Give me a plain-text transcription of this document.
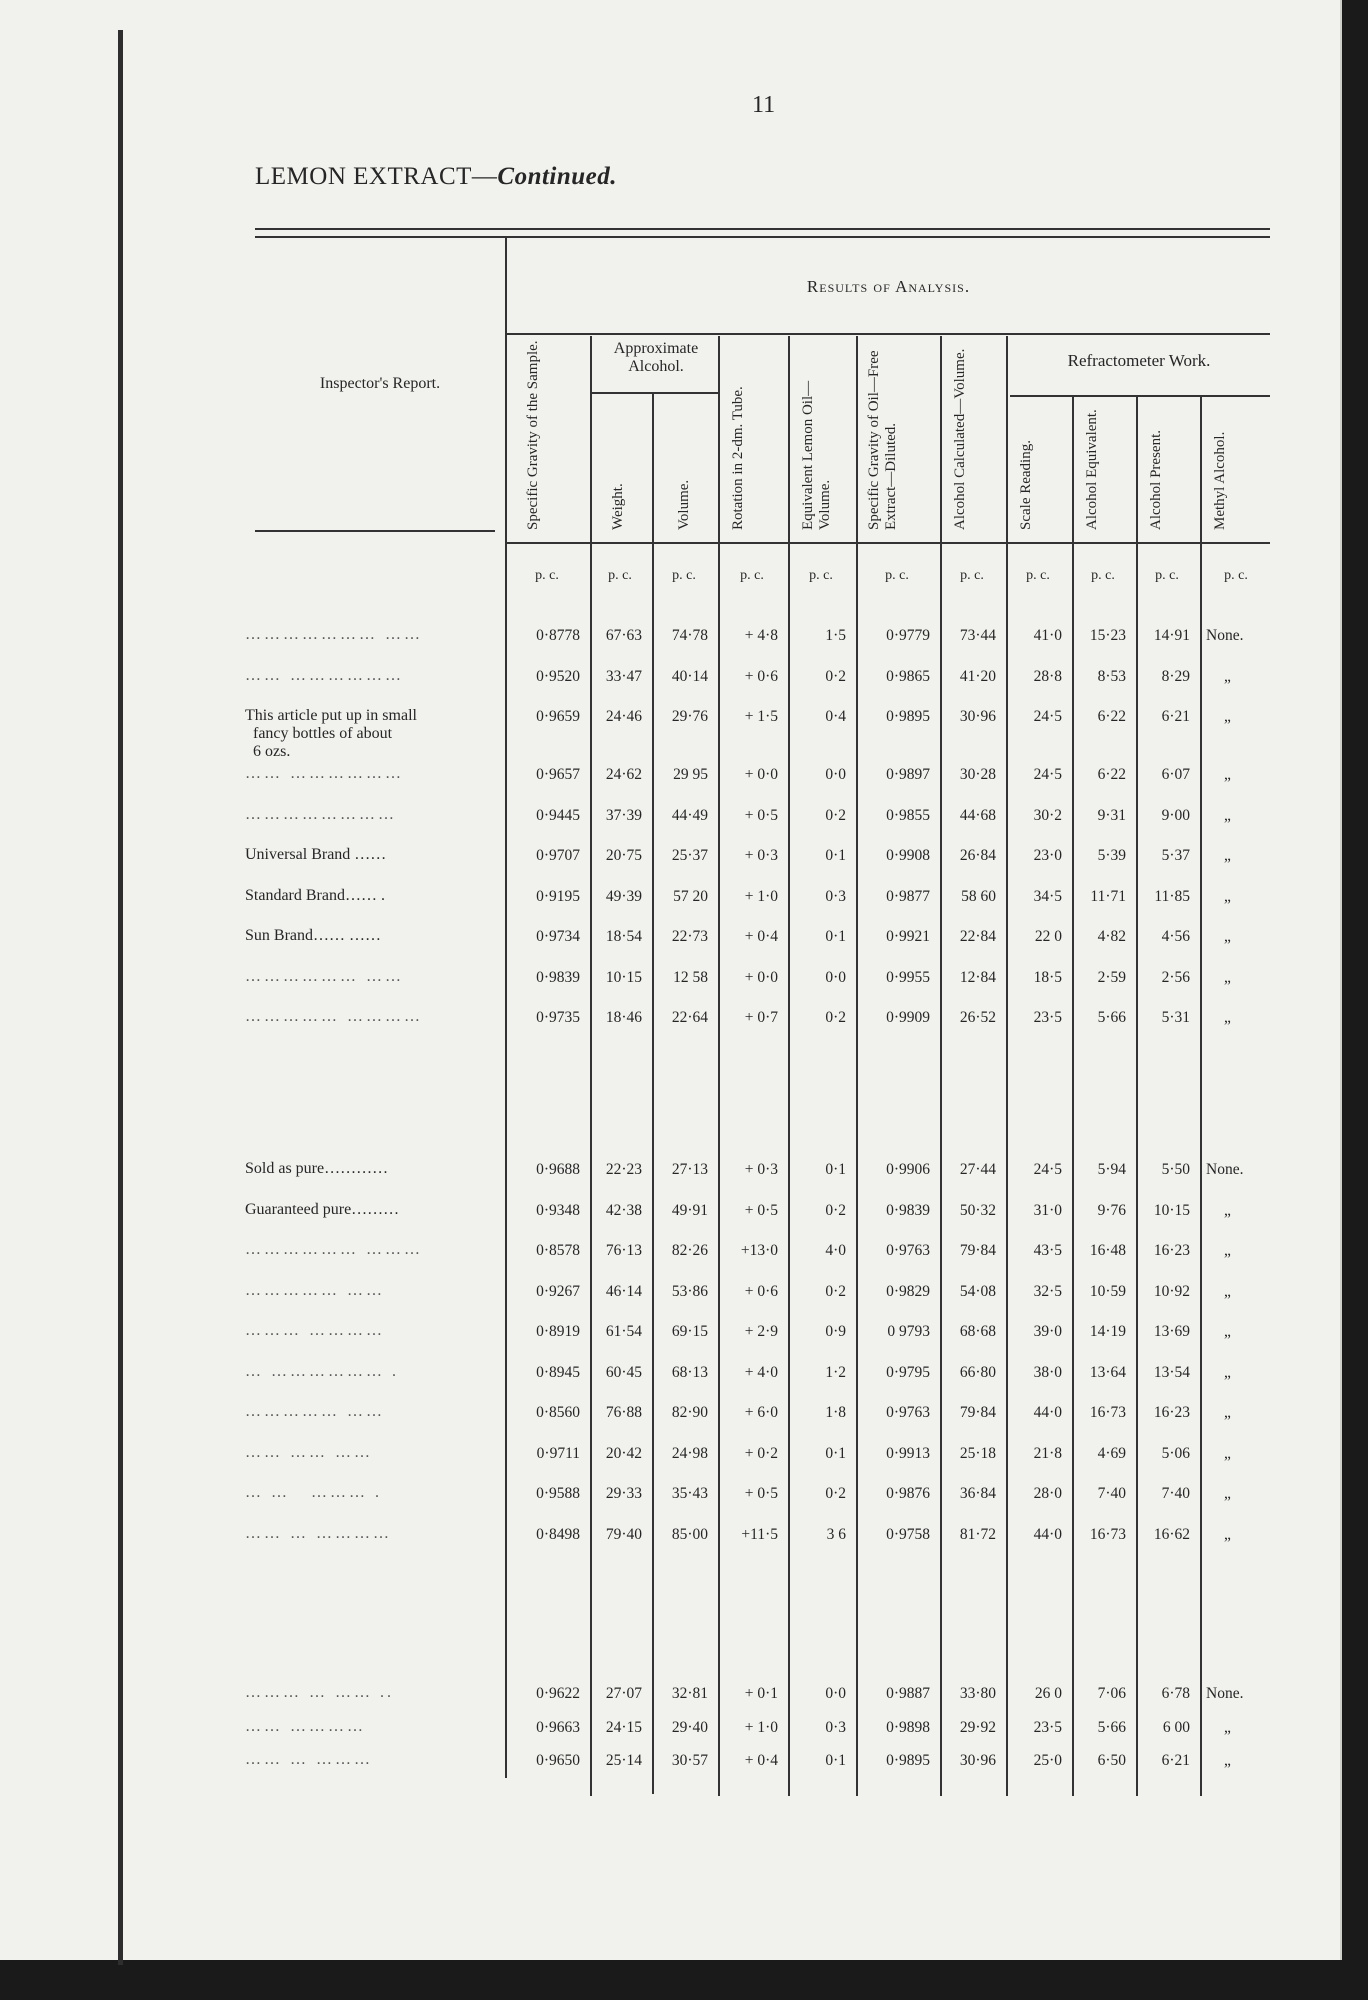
11
LEMON EXTRACT—Continued.
Inspector's Report.
Results of Analysis.
Approximate Alcohol.	Refractometer Work.
Specific Gravity of the Sample.	Weight.	Volume.	Rotation in 2-dm. Tube.	Equivalent Lemon Oil—Volume.	Specific Gravity of Oil—Free Extract—Diluted.	Alcohol Calculated—Volume.	Scale Reading.	Alcohol Equivalent.	Alcohol Present.	Methyl Alcohol.
p. c.	p. c.	p. c.	p. c.	p. c.	p. c.	p. c.	p. c.	p. c.	p. c.	p. c.
………………… ……	0·8778	67·63	74·78	+ 4·8	1·5	0·9779	73·44	41·0	15·23	14·91 None.
…… ………………	0·9520	33·47	40·14	+ 0·6	0·2	0·9865	41·20	28·8	8·53	8·29	„
This article put up in small
fancy bottles of about
6 ozs.
0·9659	24·46	29·76	+ 1·5	0·4	0·9895	30·96	24·5	6·22	6·21	„
…… ………………	0·9657	24·62	29 95	+ 0·0	0·0	0·9897	30·28	24·5	6·22	6·07	„
……………………	0·9445	37·39	44·49	+ 0·5	0·2	0·9855	44·68	30·2	9·31	9·00	„
Universal Brand ……	0·9707	20·75	25·37	+ 0·3	0·1	0·9908	26·84	23·0	5·39	5·37	„
Standard Brand…… .	0·9195	49·39	57 20	+ 1·0	0·3	0·9877	58 60	34·5	11·71	11·85	„
Sun Brand…… ……	0·9734	18·54	22·73	+ 0·4	0·1	0·9921	22·84	22 0	4·82	4·56	„
……………… ……	0·9839	10·15	12 58	+ 0·0	0·0	0·9955	12·84	18·5	2·59	2·56	„
…………… …………	0·9735	18·46	22·64	+ 0·7	0·2	0·9909	26·52	23·5	5·66	5·31	„
Sold as pure…………	0·9688	22·23	27·13	+ 0·3	0·1	0·9906	27·44	24·5	5·94	5·50 None.
Guaranteed pure………	0·9348	42·38	49·91	+ 0·5	0·2	0·9839	50·32	31·0	9·76	10·15	„
……………… ………	0·8578	76·13	82·26	+13·0	4·0	0·9763	79·84	43·5	16·48	16·23	„
…………… ……	0·9267	46·14	53·86	+ 0·6	0·2	0·9829	54·08	32·5	10·59	10·92	„
……… …………	0·8919	61·54	69·15	+ 2·9	0·9	0 9793	68·68	39·0	14·19	13·69	„
… ……………… .	0·8945	60·45	68·13	+ 4·0	1·2	0·9795	66·80	38·0	13·64	13·54	„
…………… ……	0·8560	76·88	82·90	+ 6·0	1·8	0·9763	79·84	44·0	16·73	16·23	„
…… …… ……	0·9711	20·42	24·98	+ 0·2	0·1	0·9913	25·18	21·8	4·69	5·06	„
… …   ……… .	0·9588	29·33	35·43	+ 0·5	0·2	0·9876	36·84	28·0	7·40	7·40	„
…… … …………	0·8498	79·40	85·00	+11·5	3 6	0·9758	81·72	44·0	16·73	16·62	„
……… … …… ..	0·9622	27·07	32·81	+ 0·1	0·0	0·9887	33·80	26 0	7·06	6·78 None.
…… …………	0·9663	24·15	29·40	+ 1·0	0·3	0·9898	29·92	23·5	5·66	6 00	„
…… … ………	0·9650	25·14	30·57	+ 0·4	0·1	0·9895	30·96	25·0	6·50	6·21	„
